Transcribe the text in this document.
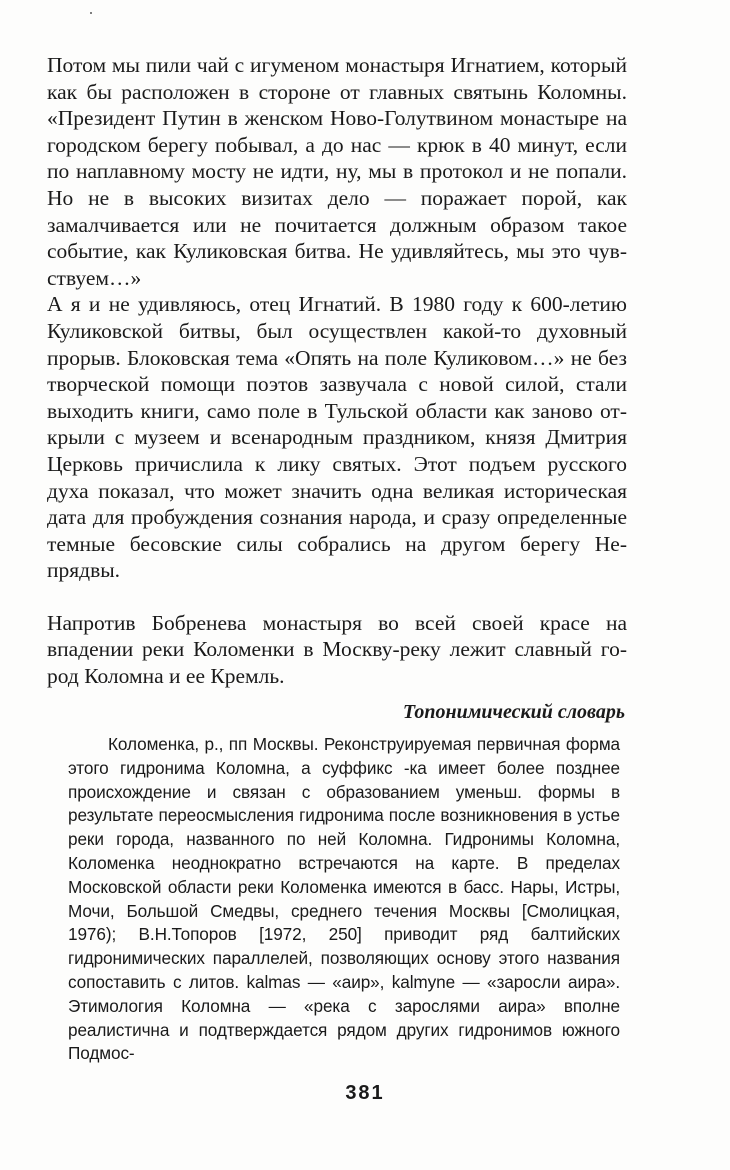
Потом мы пили чай с игуменом монастыря Игнатием, который как бы расположен в стороне от главных святынь Коломны. «Президент Путин в женском Ново-Голутвином монастыре на городском берегу побывал, а до нас — крюк в 40 минут, если по наплавному мосту не идти, ну, мы в протокол и не попали. Но не в высоких визитах дело — поражает порой, как замалчивается или не почитается должным образом такое событие, как Куликовская битва. Не удивляйтесь, мы это чувствуем…»

А я и не удивляюсь, отец Игнатий. В 1980 году к 600-летию Куликовской битвы, был осуществлен какой-то духовный прорыв. Блоковская тема «Опять на поле Куликовом…» не без творческой помощи поэтов зазвучала с новой силой, стали выходить книги, само поле в Тульской области как заново открыли с музеем и всенародным праздником, князя Дмитрия Церковь причислила к лику святых. Этот подъем русского духа показал, что может значить одна великая историческая дата для пробуждения сознания народа, и сразу определенные темные бесовские силы собрались на другом берегу Непрядвы.

Напротив Бобренева монастыря во всей своей красе на впадении реки Коломенки в Москву-реку лежит славный город Коломна и ее Кремль.

Топонимический словарь

Коломенка, р., пп Москвы. Реконструируемая первичная форма этого гидронима Коломна, а суффикс -ка имеет более позднее происхождение и связан с образованием уменьш. формы в результате переосмысления гидронима после возникновения в устье реки города, названного по ней Коломна. Гидронимы Коломна, Коломенка неоднократно встречаются на карте. В пределах Московской области реки Коломенка имеются в басс. Нары, Истры, Мочи, Большой Смедвы, среднего течения Москвы [Смолицкая, 1976); В.Н.Топоров [1972, 250] приводит ряд балтийских гидронимических параллелей, позволяющих основу этого названия сопоставить с литов. kalmas — «аир», kalmyne — «заросли аира». Этимология Коломна — «река с зарослями аира» вполне реалистична и подтверждается рядом других гидронимов южного Подмос-

381
